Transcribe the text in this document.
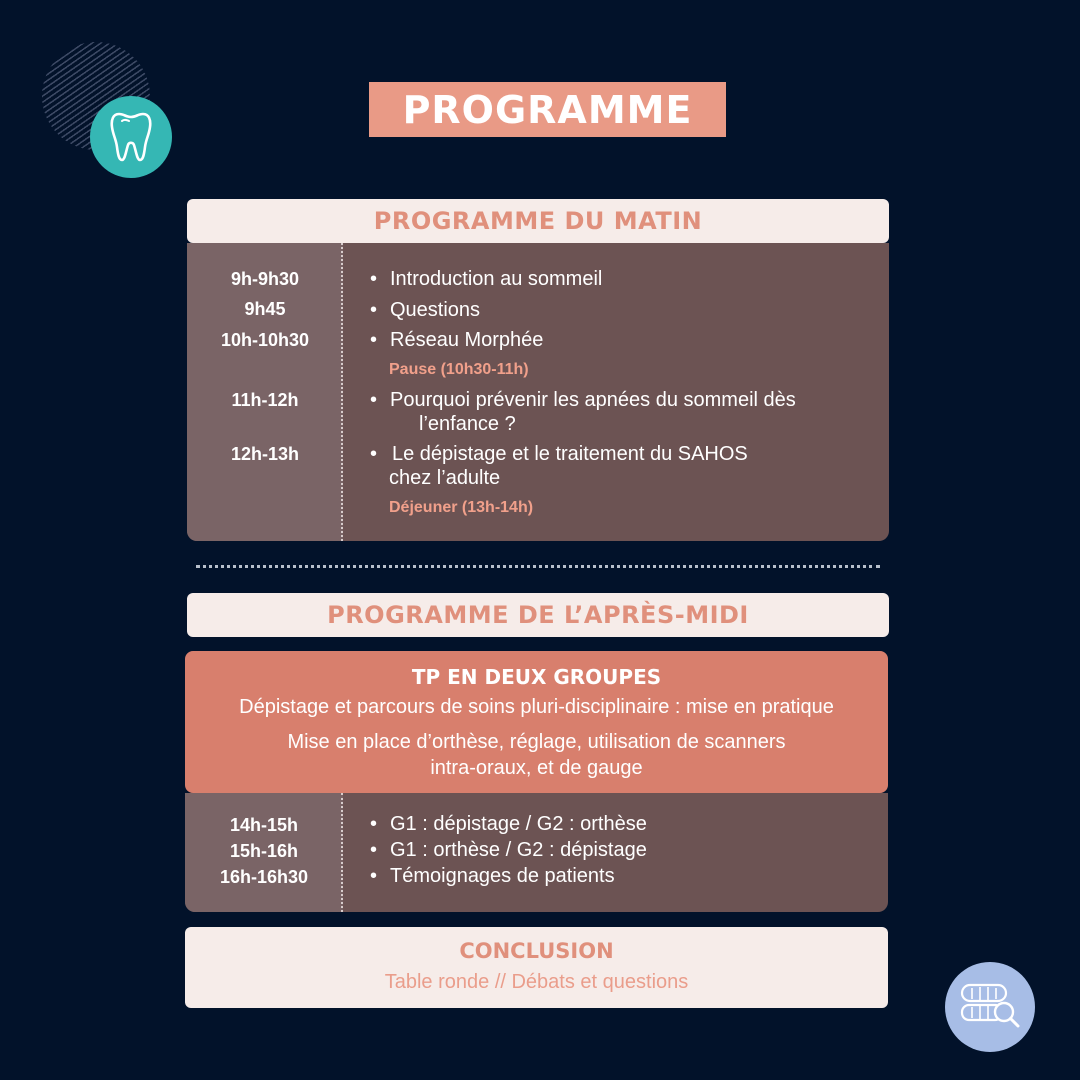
PROGRAMME
PROGRAMME DU MATIN
9h-9h30
9h45
10h-10h30
11h-12h
12h-13h
• Introduction au sommeil
• Questions
• Réseau Morphée
Pause (10h30-11h)
• Pourquoi prévenir les apnées du sommeil dès
l’enfance ?
• Le dépistage et le traitement du SAHOS
chez l’adulte
Déjeuner (13h-14h)
PROGRAMME DE L’APRÈS-MIDI
TP EN DEUX GROUPES
Dépistage et parcours de soins pluri-disciplinaire : mise en pratique
Mise en place d’orthèse, réglage, utilisation de scanners
intra-oraux, et de gauge
14h-15h
15h-16h
16h-16h30
• G1 : dépistage / G2 : orthèse
• G1 : orthèse / G2 : dépistage
• Témoignages de patients
CONCLUSION
Table ronde // Débats et questions
